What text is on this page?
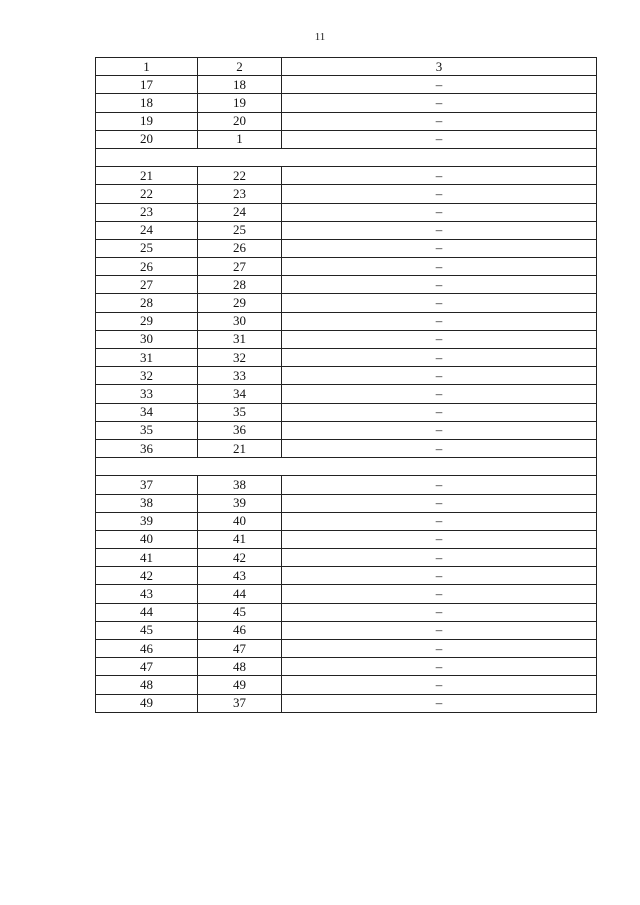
11
1	2	3
17	18	–
18	19	–
19	20	–
20	1	–

21	22	–
22	23	–
23	24	–
24	25	–
25	26	–
26	27	–
27	28	–
28	29	–
29	30	–
30	31	–
31	32	–
32	33	–
33	34	–
34	35	–
35	36	–
36	21	–

37	38	–
38	39	–
39	40	–
40	41	–
41	42	–
42	43	–
43	44	–
44	45	–
45	46	–
46	47	–
47	48	–
48	49	–
49	37	–
